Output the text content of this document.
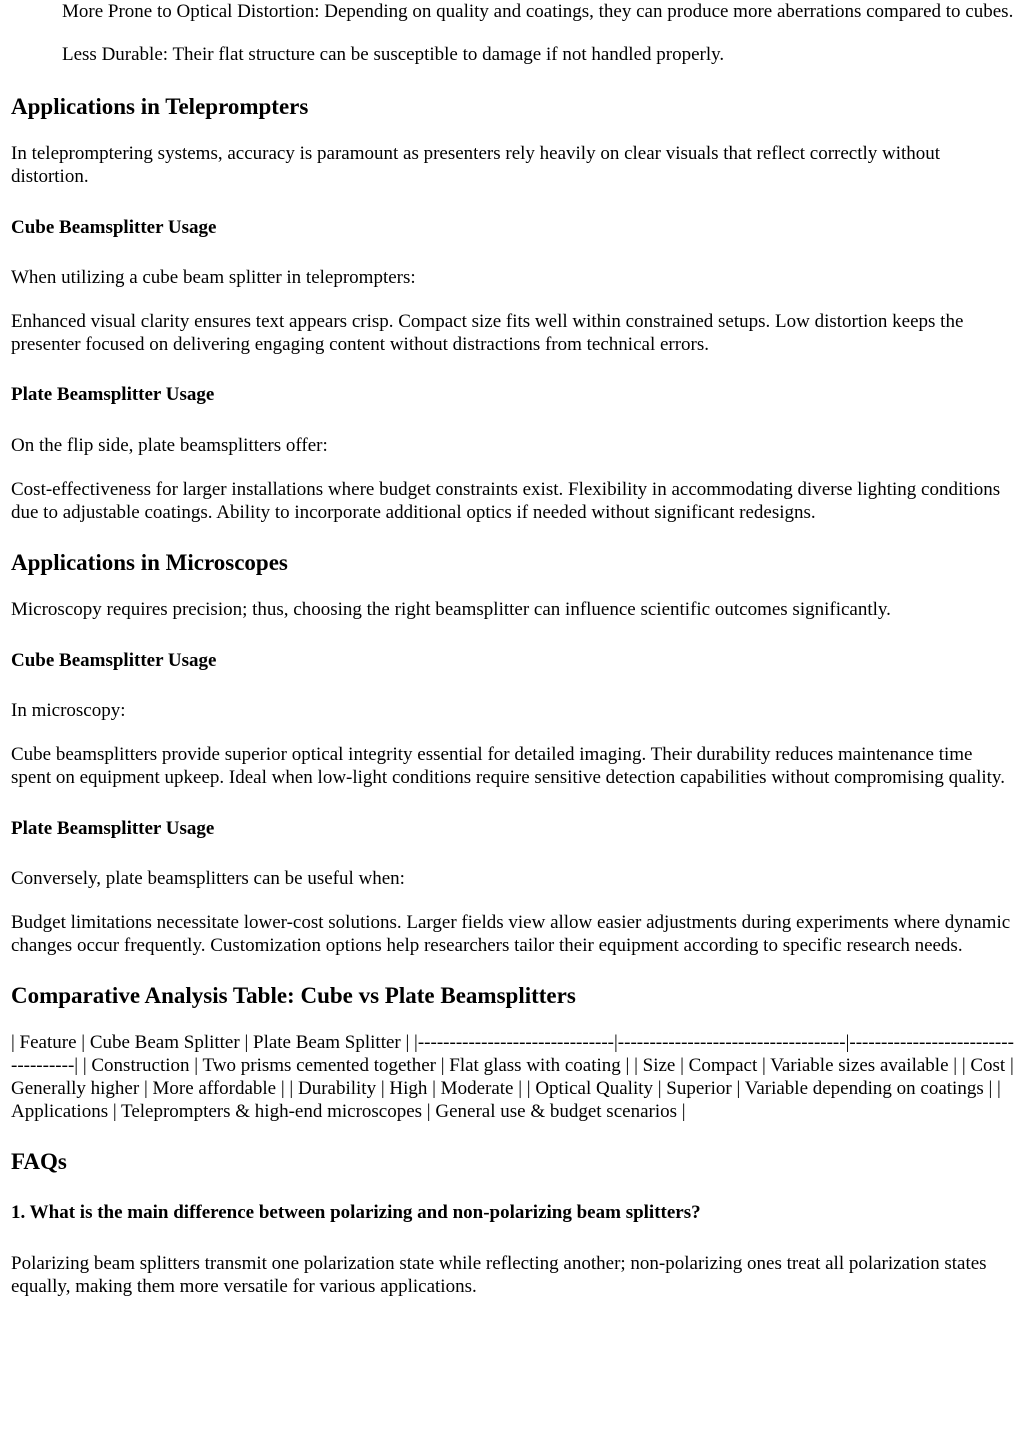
More Prone to Optical Distortion: Depending on quality and coatings, they can produce more aberrations compared to cubes.

Less Durable: Their flat structure can be susceptible to damage if not handled properly.

Applications in Teleprompters

In telepromptering systems, accuracy is paramount as presenters rely heavily on clear visuals that reflect correctly without distortion.

Cube Beamsplitter Usage

When utilizing a cube beam splitter in teleprompters:

Enhanced visual clarity ensures text appears crisp. Compact size fits well within constrained setups. Low distortion keeps the presenter focused on delivering engaging content without distractions from technical errors.

Plate Beamsplitter Usage

On the flip side, plate beamsplitters offer:

Cost-effectiveness for larger installations where budget constraints exist. Flexibility in accommodating diverse lighting conditions due to adjustable coatings. Ability to incorporate additional optics if needed without significant redesigns.

Applications in Microscopes

Microscopy requires precision; thus, choosing the right beamsplitter can influence scientific outcomes significantly.

Cube Beamsplitter Usage

In microscopy:

Cube beamsplitters provide superior optical integrity essential for detailed imaging. Their durability reduces maintenance time spent on equipment upkeep. Ideal when low-light conditions require sensitive detection capabilities without compromising quality.

Plate Beamsplitter Usage

Conversely, plate beamsplitters can be useful when:

Budget limitations necessitate lower-cost solutions. Larger fields view allow easier adjustments during experiments where dynamic changes occur frequently. Customization options help researchers tailor their equipment according to specific research needs.

Comparative Analysis Table: Cube vs Plate Beamsplitters

| Feature | Cube Beam Splitter | Plate Beam Splitter | |-------------------------------|------------------------------------|------------------------------------| | Construction | Two prisms cemented together | Flat glass with coating | | Size | Compact | Variable sizes available | | Cost | Generally higher | More affordable | | Durability | High | Moderate | | Optical Quality | Superior | Variable depending on coatings | | Applications | Teleprompters & high-end microscopes | General use & budget scenarios |

FAQs
1. What is the main difference between polarizing and non-polarizing beam splitters?

Polarizing beam splitters transmit one polarization state while reflecting another; non-polarizing ones treat all polarization states equally, making them more versatile for various applications.
